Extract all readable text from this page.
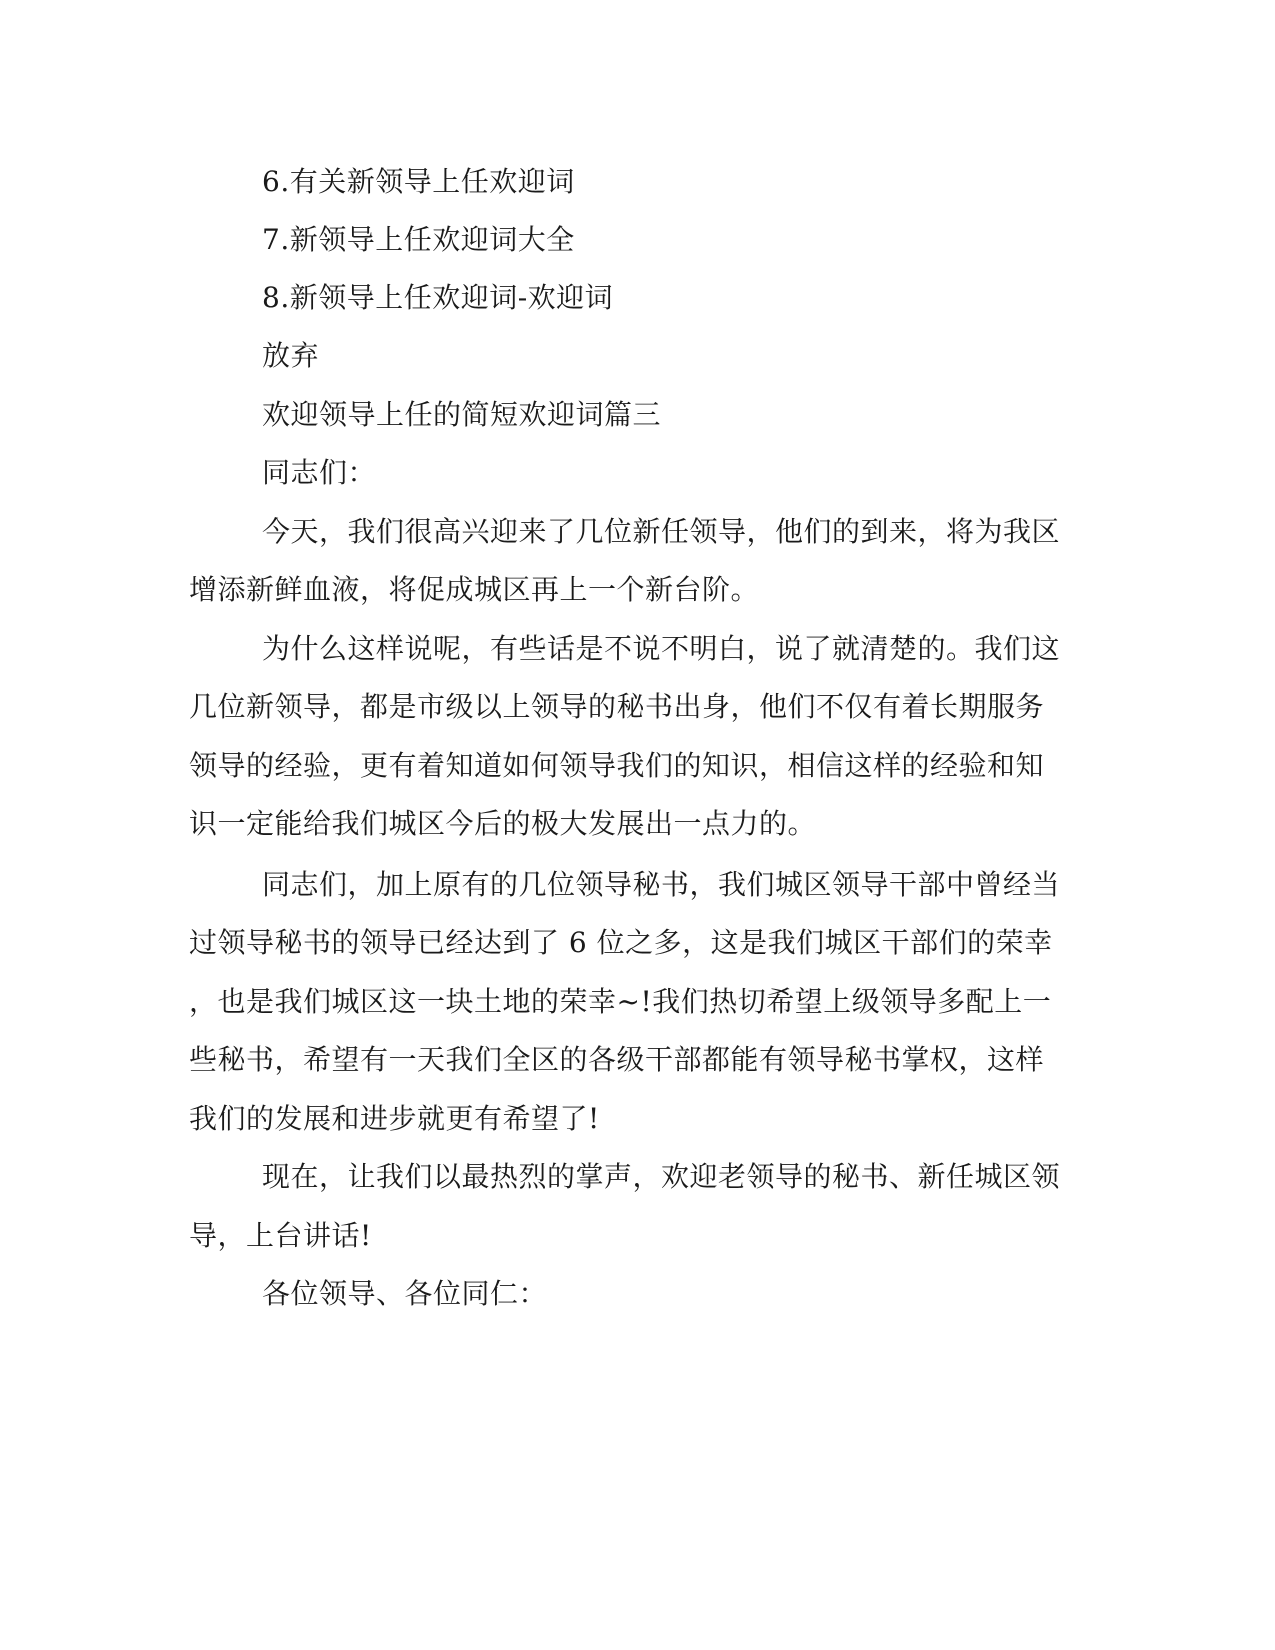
6.有关新领导上任欢迎词
7.新领导上任欢迎词大全
8.新领导上任欢迎词-欢迎词
放弃
欢迎领导上任的简短欢迎词篇三
同志们：
今天，我们很高兴迎来了几位新任领导，他们的到来，将为我区
增添新鲜血液，将促成城区再上一个新台阶。
为什么这样说呢，有些话是不说不明白，说了就清楚的。我们这
几位新领导，都是市级以上领导的秘书出身，他们不仅有着长期服务
领导的经验，更有着知道如何领导我们的知识，相信这样的经验和知
识一定能给我们城区今后的极大发展出一点力的。
同志们，加上原有的几位领导秘书，我们城区领导干部中曾经当
过领导秘书的领导已经达到了 6 位之多，这是我们城区干部们的荣幸
，也是我们城区这一块土地的荣幸~!我们热切希望上级领导多配上一
些秘书，希望有一天我们全区的各级干部都能有领导秘书掌权，这样
我们的发展和进步就更有希望了!
现在，让我们以最热烈的掌声，欢迎老领导的秘书、新任城区领
导，上台讲话!
各位领导、各位同仁：
